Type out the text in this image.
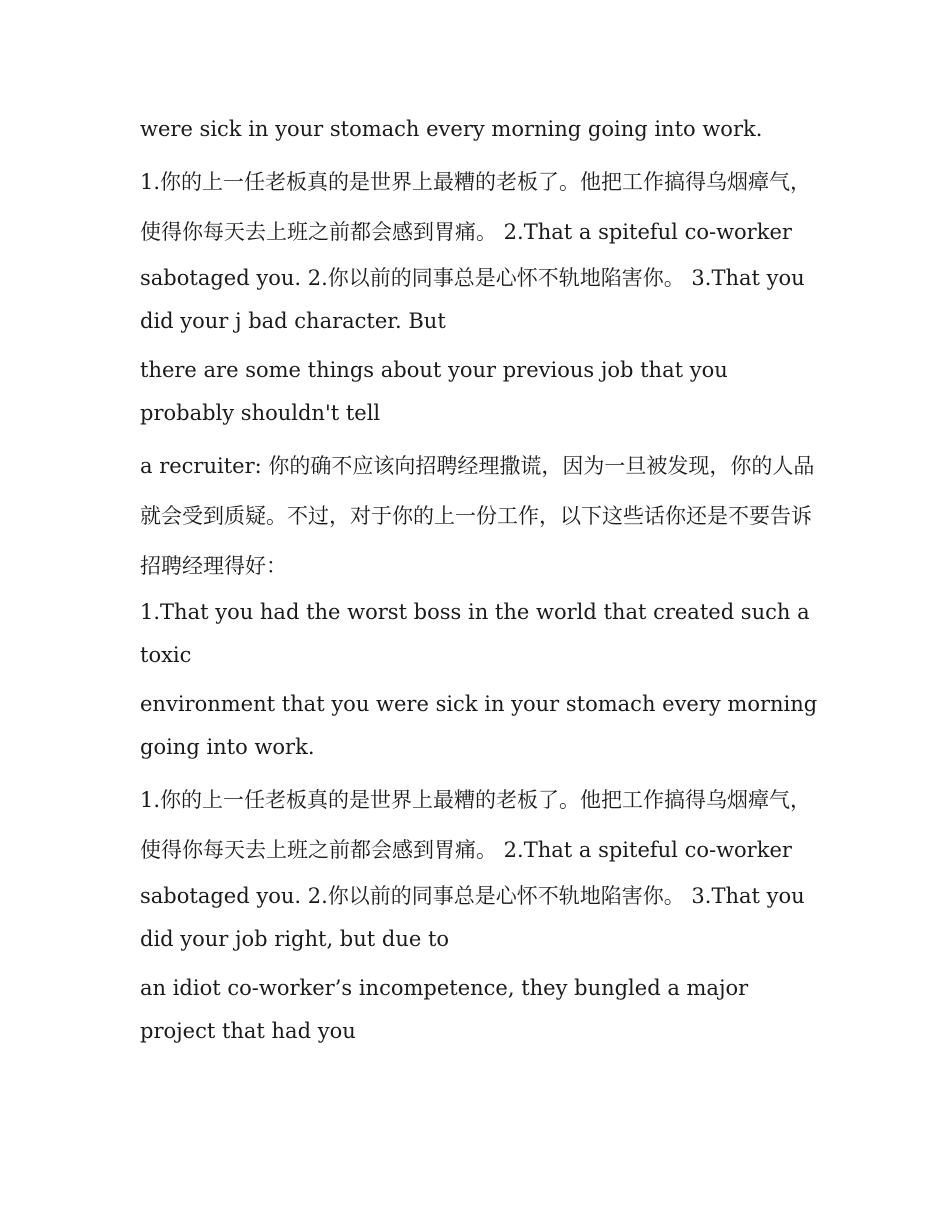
were sick in your stomach every morning going into work.

1.你的上一任老板真的是世界上最糟的老板了。他把工作搞得乌烟瘴气，使得你每天去上班之前都会感到胃痛。 2.That a spiteful co-worker

sabotaged you. 2.你以前的同事总是心怀不轨地陷害你。 3.That you did your j bad character. But

there are some things about your previous job that you probably shouldn't tell

a recruiter: 你的确不应该向招聘经理撒谎，因为一旦被发现，你的人品就会受到质疑。不过，对于你的上一份工作，以下这些话你还是不要告诉招聘经理得好：

1.That you had the worst boss in the world that created such a toxic

environment that you were sick in your stomach every morning going into work.

1.你的上一任老板真的是世界上最糟的老板了。他把工作搞得乌烟瘴气，使得你每天去上班之前都会感到胃痛。 2.That a spiteful co-worker

sabotaged you. 2.你以前的同事总是心怀不轨地陷害你。 3.That you did your job right, but due to

an idiot co-worker’s incompetence, they bungled a major project that had you
